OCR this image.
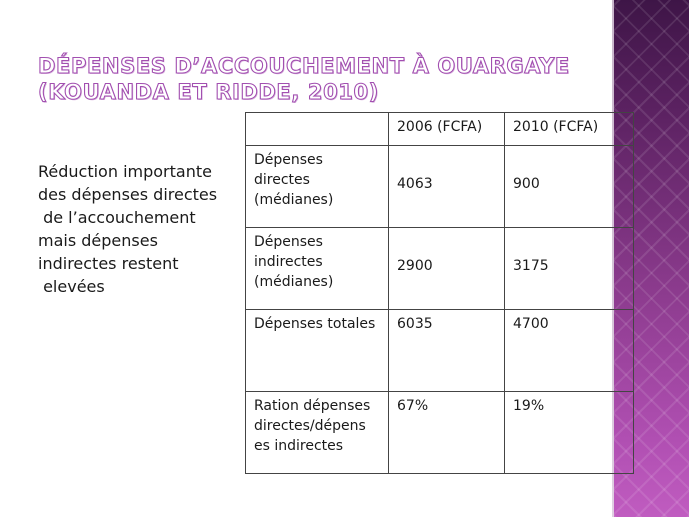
DÉPENSES D’ACCOUCHEMENT À OUARGAYE (KOUANDA ET RIDDE, 2010)
Réduction importante
des dépenses directes
de l’accouchement
mais dépenses
indirectes restent
elevées
	2006 (FCFA)	2010 (FCFA)
Dépenses directes (médianes)	4063	900
Dépenses indirectes (médianes)	2900	3175
Dépenses totales	6035	4700
Ration dépenses directes/dépens es indirectes	67%	19%
